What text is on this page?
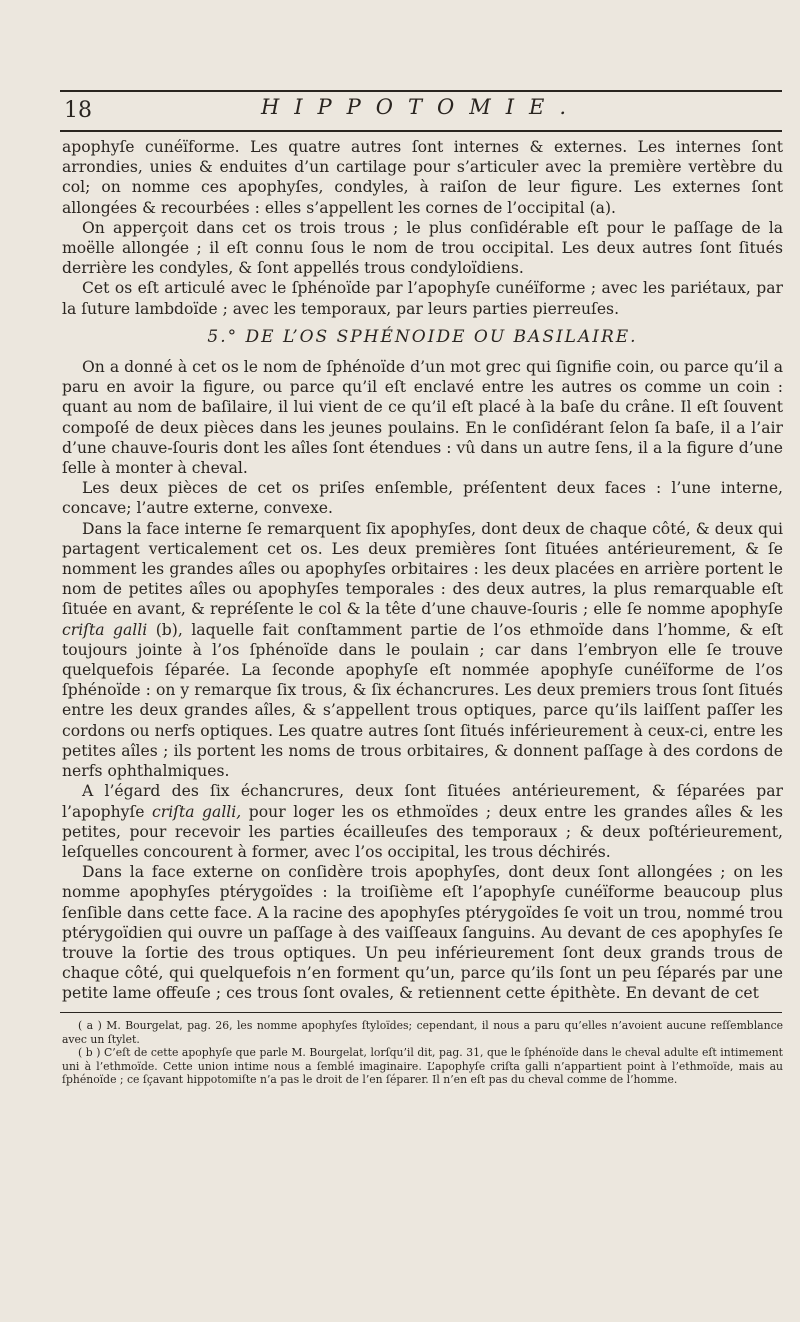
18	HIPPOTOMIE.

apophyſe cunéïforme. Les quatre autres ſont internes & externes. Les internes ſont arrondies, unies & enduites d’un cartilage pour s’articuler avec la première vertèbre du col; on nomme ces apophyſes, condyles, à raiſon de leur figure. Les externes ſont allongées & recourbées : elles s’appellent les cornes de l’occipital (a).

On apperçoit dans cet os trois trous ; le plus conſidérable eſt pour le paſſage de la moëlle allongée ; il eſt connu ſous le nom de trou occipital. Les deux autres ſont ſitués derrière les condyles, & ſont appellés trous condyloïdiens.

Cet os eſt articulé avec le ſphénoïde par l’apophyſe cunéïforme ; avec les pariétaux, par la ſuture lambdoïde ; avec les temporaux, par leurs parties pierreuſes.

5.° DE L’OS SPHÉNOIDE OU BASILAIRE.

On a donné à cet os le nom de ſphénoïde d’un mot grec qui ſignifie coin, ou parce qu’il a paru en avoir la figure, ou parce qu’il eſt enclavé entre les autres os comme un coin : quant au nom de baſilaire, il lui vient de ce qu’il eſt placé à la baſe du crâne. Il eſt ſouvent compoſé de deux pièces dans les jeunes poulains. En le conſidérant ſelon ſa baſe, il a l’air d’une chauve-ſouris dont les aîles ſont étendues : vû dans un autre ſens, il a la figure d’une ſelle à monter à cheval.

Les deux pièces de cet os priſes enſemble, préſentent deux faces : l’une interne, concave; l’autre externe, convexe.

Dans la face interne ſe remarquent ſix apophyſes, dont deux de chaque côté, & deux qui partagent verticalement cet os. Les deux premières ſont ſituées antérieurement, & ſe nomment les grandes aîles ou apophyſes orbitaires : les deux placées en arrière portent le nom de petites aîles ou apophyſes temporales : des deux autres, la plus remarquable eſt ſituée en avant, & repréſente le col & la tête d’une chauve-ſouris ; elle ſe nomme apophyſe criſta galli (b), laquelle fait conſtamment partie de l’os ethmoïde dans l’homme, & eſt toujours jointe à l’os ſphénoïde dans le poulain ; car dans l’embryon elle ſe trouve quelquefois ſéparée. La ſeconde apophyſe eſt nommée apophyſe cunéïforme de l’os ſphénoïde : on y remarque ſix trous, & ſix échancrures. Les deux premiers trous ſont ſitués entre les deux grandes aîles, & s’appellent trous optiques, parce qu’ils laiſſent paſſer les cordons ou nerfs optiques. Les quatre autres ſont ſitués inférieurement à ceux-ci, entre les petites aîles ; ils portent les noms de trous orbitaires, & donnent paſſage à des cordons de nerfs ophthalmiques.

A l’égard des ſix échancrures, deux ſont ſituées antérieurement, & ſéparées par l’apophyſe criſta galli, pour loger les os ethmoïdes ; deux entre les grandes aîles & les petites, pour recevoir les parties écailleuſes des temporaux ; & deux poſtérieurement, leſquelles concourent à former, avec l’os occipital, les trous déchirés.

Dans la face externe on conſidère trois apophyſes, dont deux ſont allongées ; on les nomme apophyſes ptérygoïdes : la troiſième eſt l’apophyſe cunéïforme beaucoup plus ſenſible dans cette face. A la racine des apophyſes ptérygoïdes ſe voit un trou, nommé trou ptérygoïdien qui ouvre un paſſage à des vaiſſeaux ſanguins. Au devant de ces apophyſes ſe trouve la ſortie des trous optiques. Un peu inférieurement ſont deux grands trous de chaque côté, qui quelquefois n’en forment qu’un, parce qu’ils ſont un peu ſéparés par une petite lame offeuſe ; ces trous ſont ovales, & retiennent cette épithète. En devant de cet

( a ) M. Bourgelat, pag. 26, les nomme apophyſes ſtyloïdes; cependant, il nous a paru qu’elles n’avoient aucune reſſemblance avec un ſtylet.

( b ) C’eſt de cette apophyſe que parle M. Bourgelat, lorſqu’il dit, pag. 31, que le ſphénoïde dans le cheval adulte eſt intimement uni à l’ethmoïde. Cette union intime nous a ſemblé imaginaire. L’apophyſe criſta galli n’appartient point à l’ethmoïde, mais au ſphénoïde ; ce ſçavant hippotomiſte n’a pas le droit de l’en ſéparer. Il n’en eſt pas du cheval comme de l’homme.
